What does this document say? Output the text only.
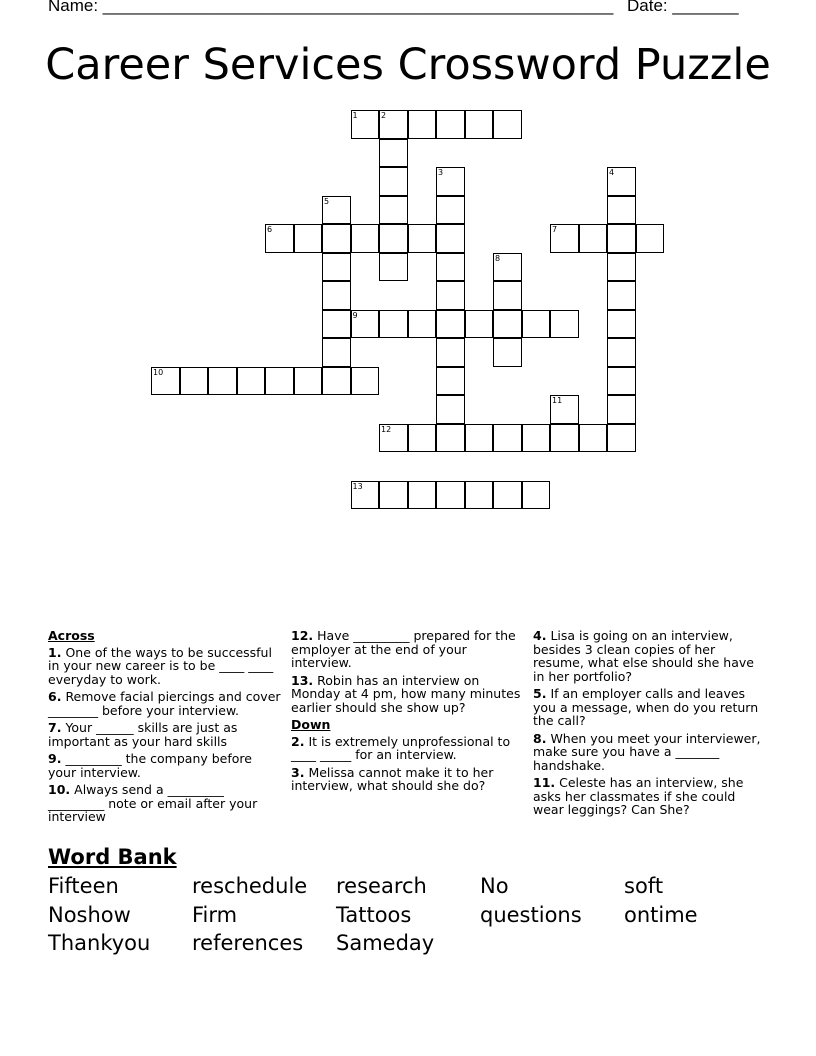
Name: ______________________________________________________ Date: _______
Career Services Crossword Puzzle
1	2
3	4
5
6	7
8
9
10
11
12
13
Across
1. One of the ways to be successful in your new career is to be ____ ____ everyday to work.
6. Remove facial piercings and cover ________ before your interview.
7. Your ______ skills are just as important as your hard skills
9. _________ the company before your interview.
10. Always send a _________ _________ note or email after your interview
12. Have _________ prepared for the employer at the end of your interview.
13. Robin has an interview on Monday at 4 pm, how many minutes earlier should she show up?
Down
2. It is extremely unprofessional to ____ _____ for an interview.
3. Melissa cannot make it to her interview, what should she do?
4. Lisa is going on an interview, besides 3 clean copies of her resume, what else should she have in her portfolio?
5. If an employer calls and leaves you a message, when do you return the call?
8. When you meet your interviewer, make sure you have a _______ handshake.
11. Celeste has an interview, she asks her classmates if she could wear leggings? Can She?
Word Bank
Fifteen	reschedule research	No	soft
Noshow	Firm	Tattoos	questions ontime
Thankyou references Sameday
